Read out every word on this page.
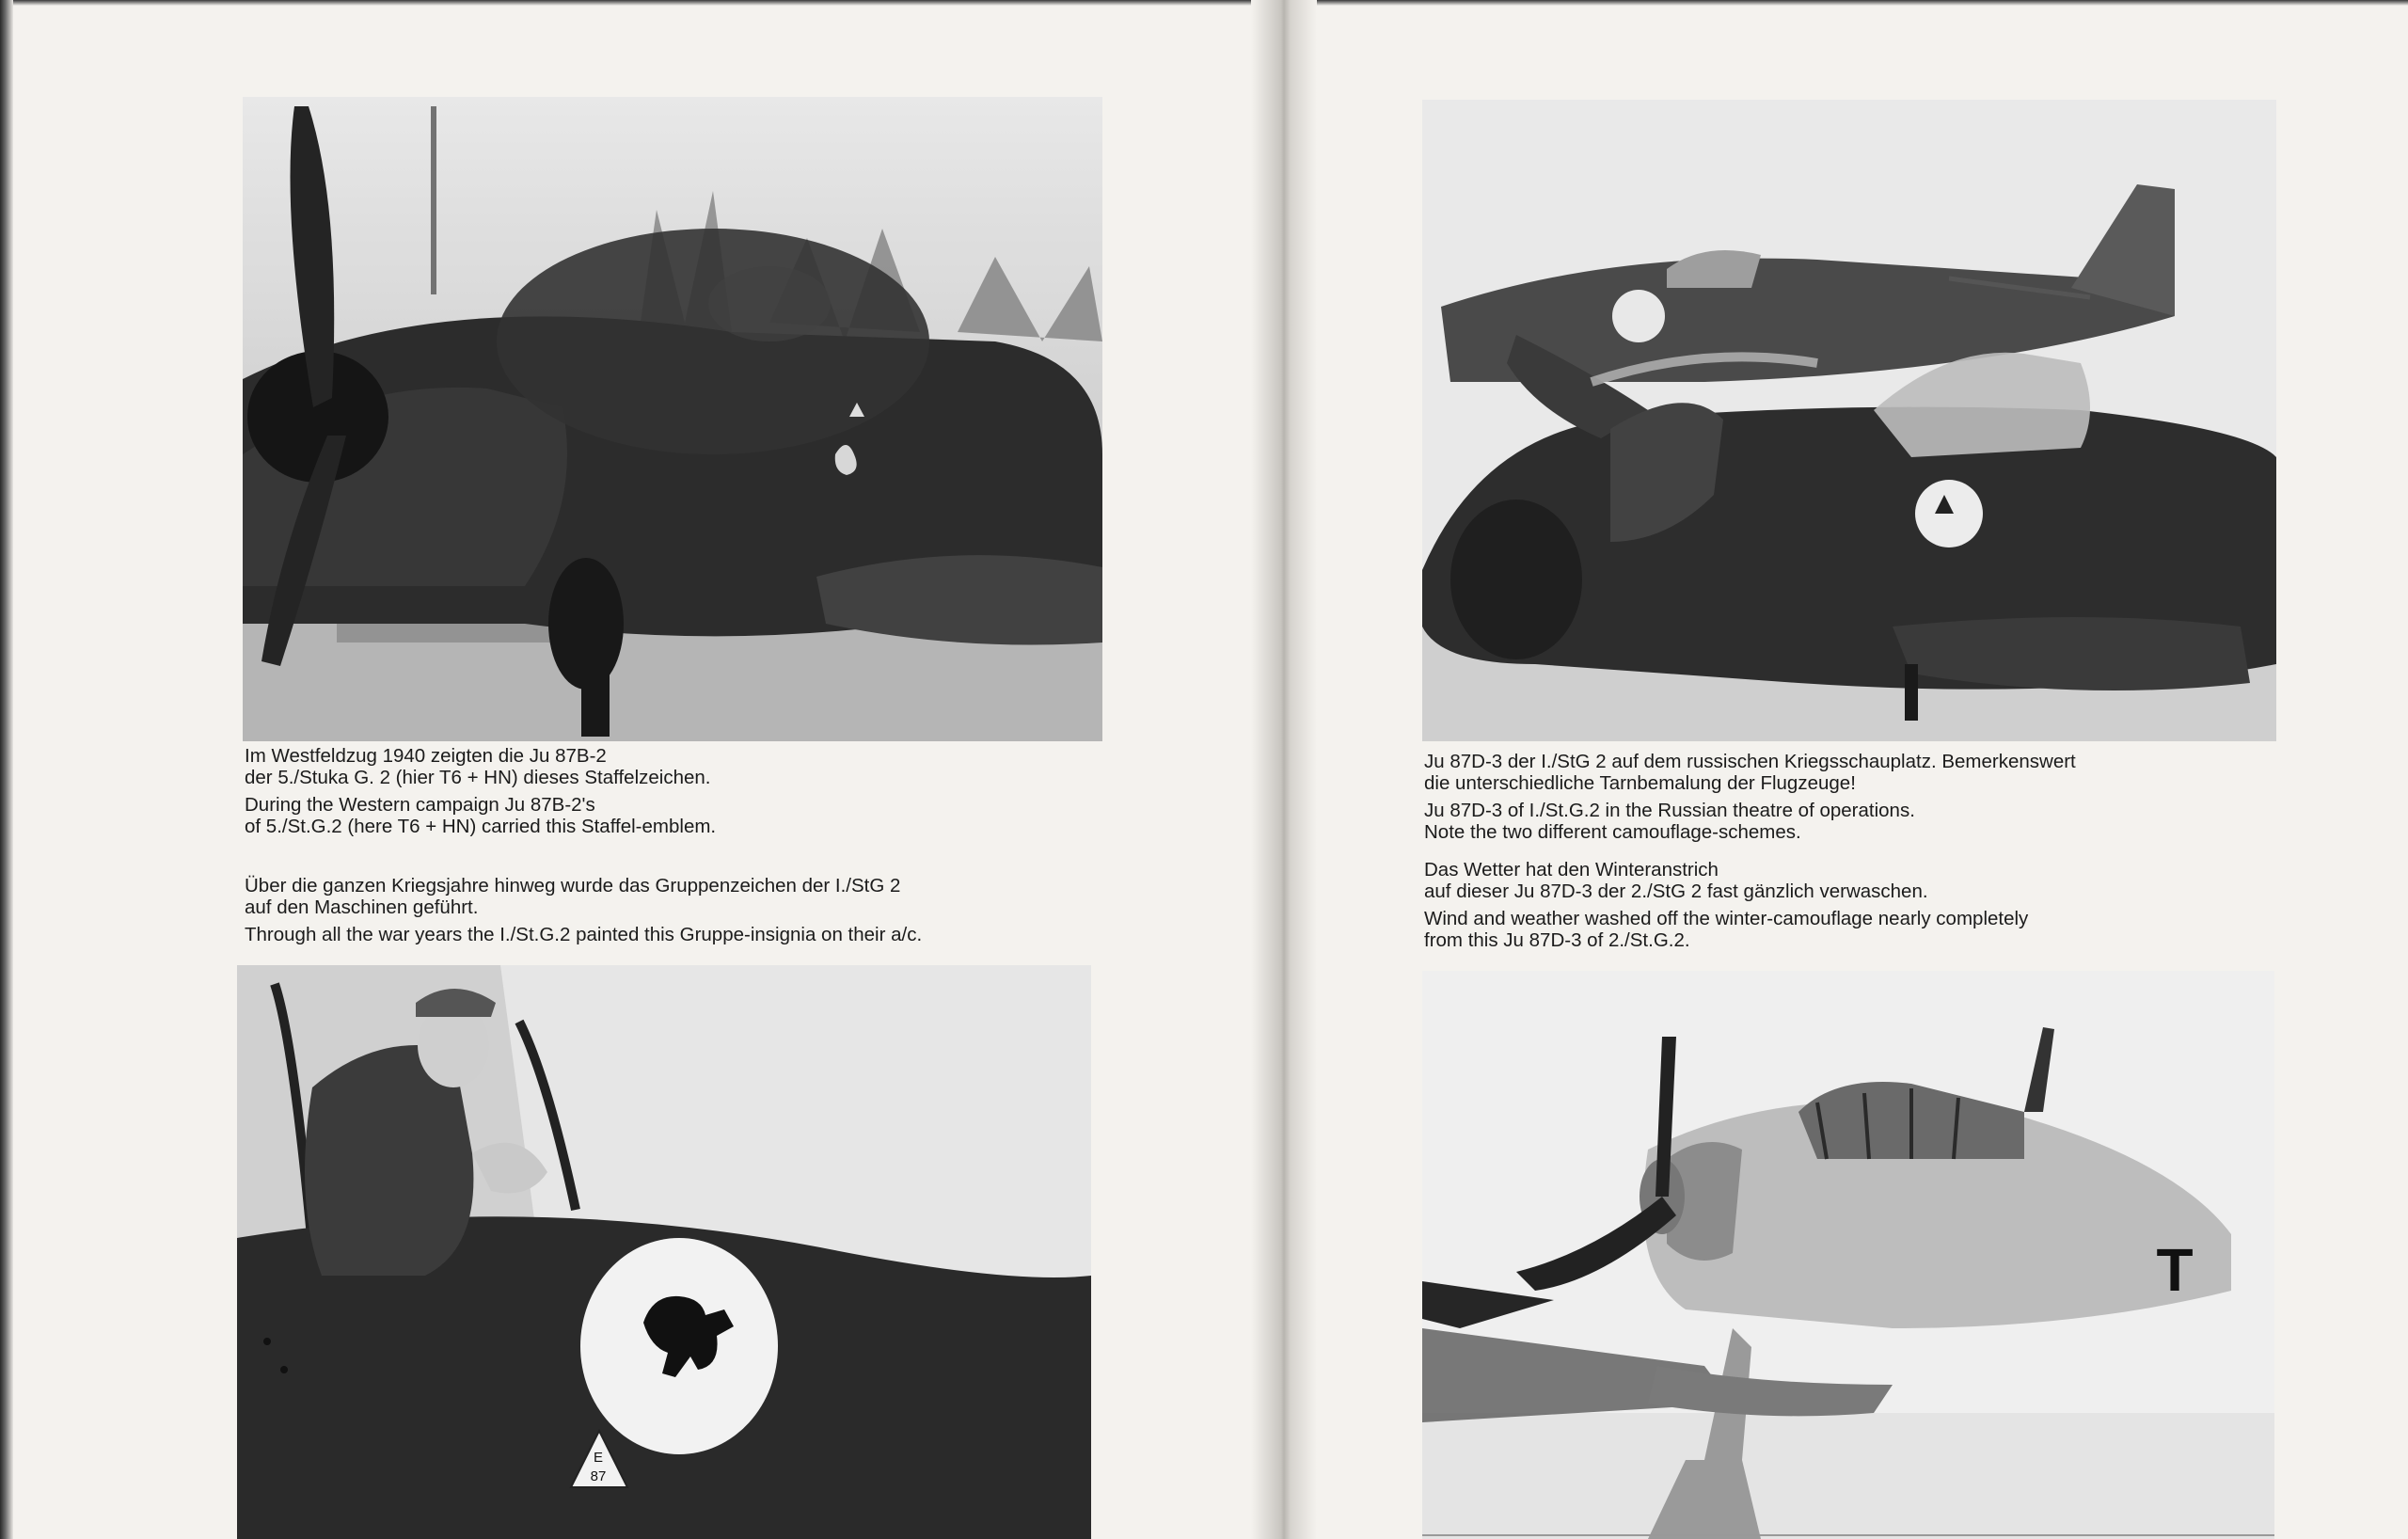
Im Westfeldzug 1940 zeigten die Ju 87B-2
der 5./Stuka G. 2 (hier T6 + HN) dieses Staffelzeichen.
During the Western campaign Ju 87B-2's
of 5./St.G.2 (here T6 + HN) carried this Staffel-emblem.
Über die ganzen Kriegsjahre hinweg wurde das Gruppenzeichen der I./StG 2
auf den Maschinen geführt.
Through all the war years the I./St.G.2 painted this Gruppe-insignia on their a/c.
E
87
Ju 87D-3 der I./StG 2 auf dem russischen Kriegsschauplatz. Bemerkenswert
die unterschiedliche Tarnbemalung der Flugzeuge!
Ju 87D-3 of I./St.G.2 in the Russian theatre of operations.
Note the two different camouflage-schemes.
Das Wetter hat den Winteranstrich
auf dieser Ju 87D-3 der 2./StG 2 fast gänzlich verwaschen.
Wind and weather washed off the winter-camouflage nearly completely
from this Ju 87D-3 of 2./St.G.2.
T
